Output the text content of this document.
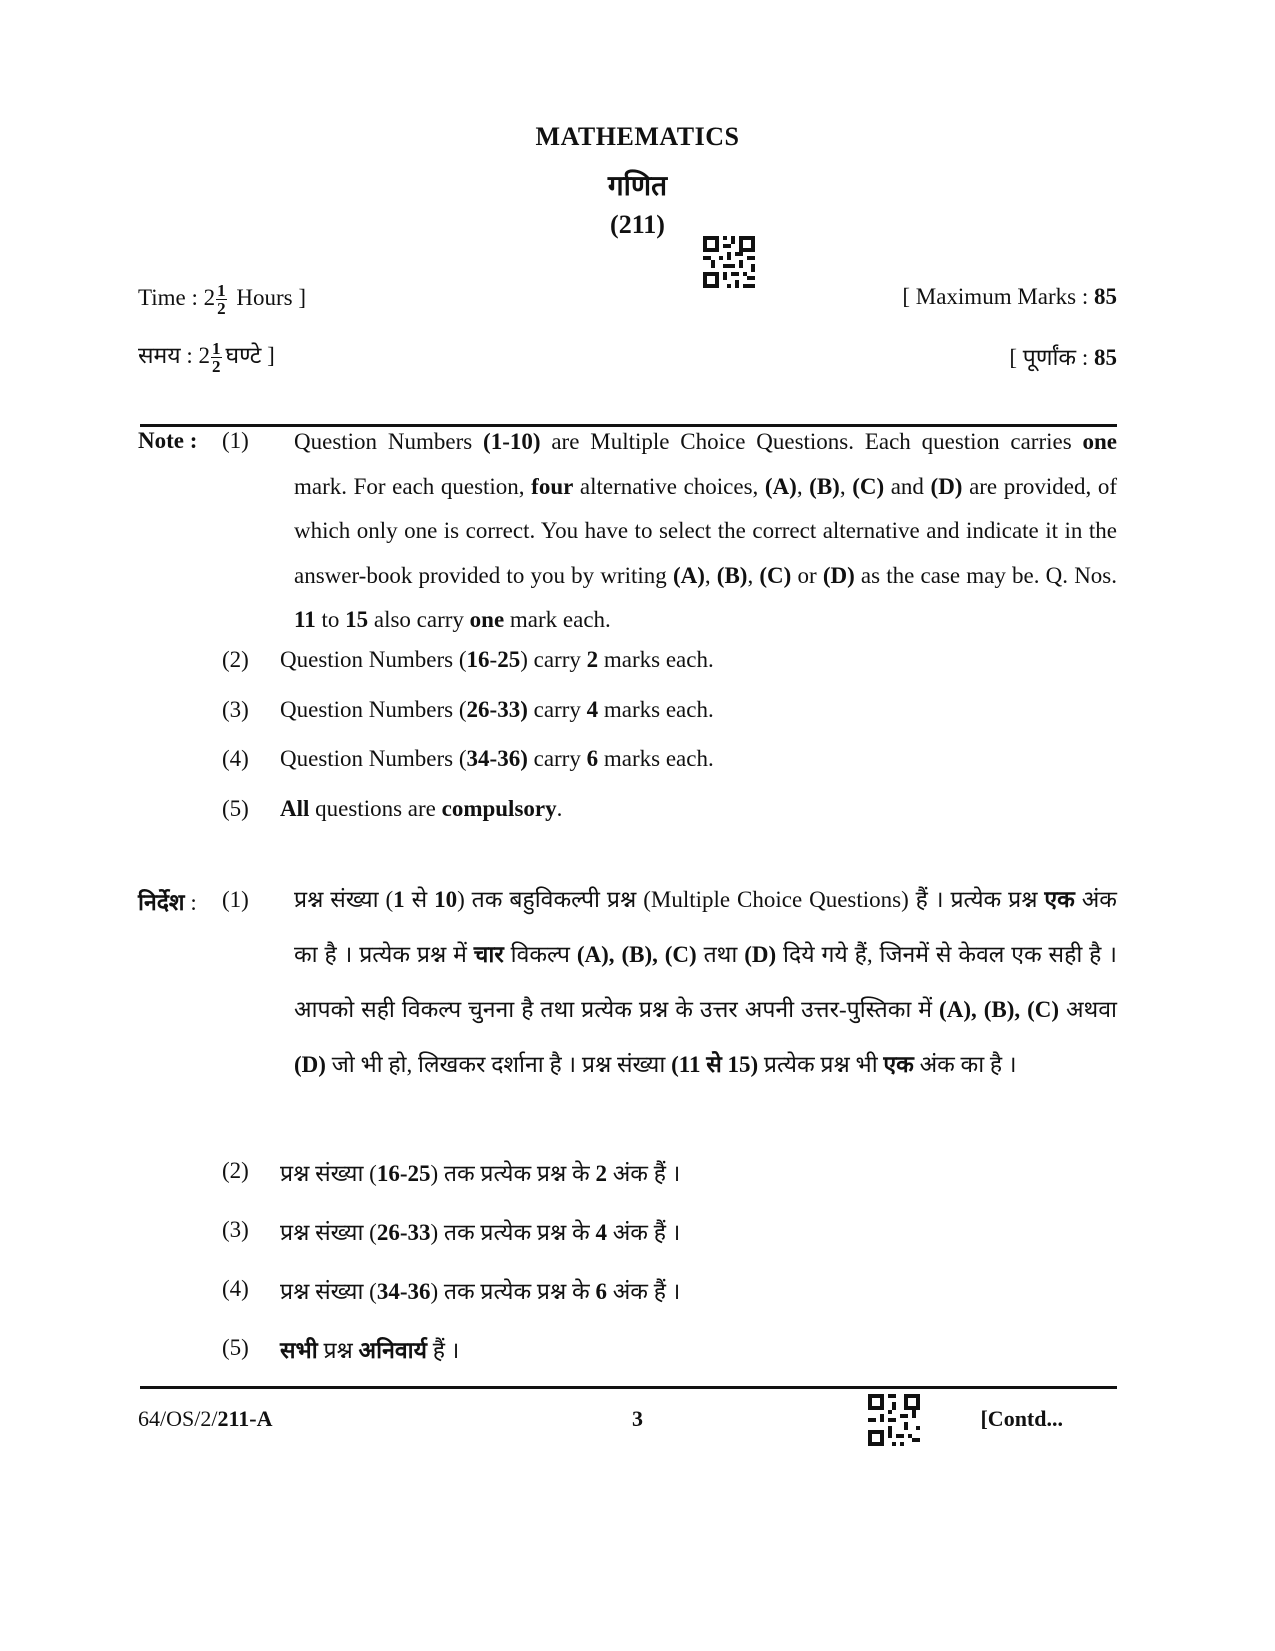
MATHEMATICS
गणित
(211)
Time : $2 \frac{1}{2}$ Hours ]	[ Maximum Marks : 85
समय : $2 \frac{1}{2}$ घण्टे ]	[ पूर्णांक : 85
Note : (1) Question Numbers (1-10) are Multiple Choice Questions. Each question carries one mark. For each question, four alternative choices, (A), (B), (C) and (D) are provided, of which only one is correct. You have to select the correct alternative and indicate it in the answer-book provided to you by writing (A), (B), (C) or (D) as the case may be. Q. Nos. 11 to 15 also carry one mark each.
(2) Question Numbers (16-25) carry 2 marks each.
(3) Question Numbers (26-33) carry 4 marks each.
(4) Question Numbers (34-36) carry 6 marks each.
(5) All questions are compulsory.
निर्देश : (1) प्रश्न संख्या (1 से 10) तक बहुविकल्पी प्रश्न (Multiple Choice Questions) हैं । प्रत्येक प्रश्न एक अंक का है । प्रत्येक प्रश्न में चार विकल्प (A), (B), (C) तथा (D) दिये गये हैं, जिनमें से केवल एक सही है । आपको सही विकल्प चुनना है तथा प्रत्येक प्रश्न के उत्तर अपनी उत्तर-पुस्तिका में (A), (B), (C) अथवा (D) जो भी हो, लिखकर दर्शाना है । प्रश्न संख्या (11 से 15) प्रत्येक प्रश्न भी एक अंक का है ।
(2) प्रश्न संख्या (16-25) तक प्रत्येक प्रश्न के 2 अंक हैं ।
(3) प्रश्न संख्या (26-33) तक प्रत्येक प्रश्न के 4 अंक हैं ।
(4) प्रश्न संख्या (34-36) तक प्रत्येक प्रश्न के 6 अंक हैं ।
(5) सभी प्रश्न अनिवार्य हैं ।
64/OS/2/211-A	3	[Contd...
